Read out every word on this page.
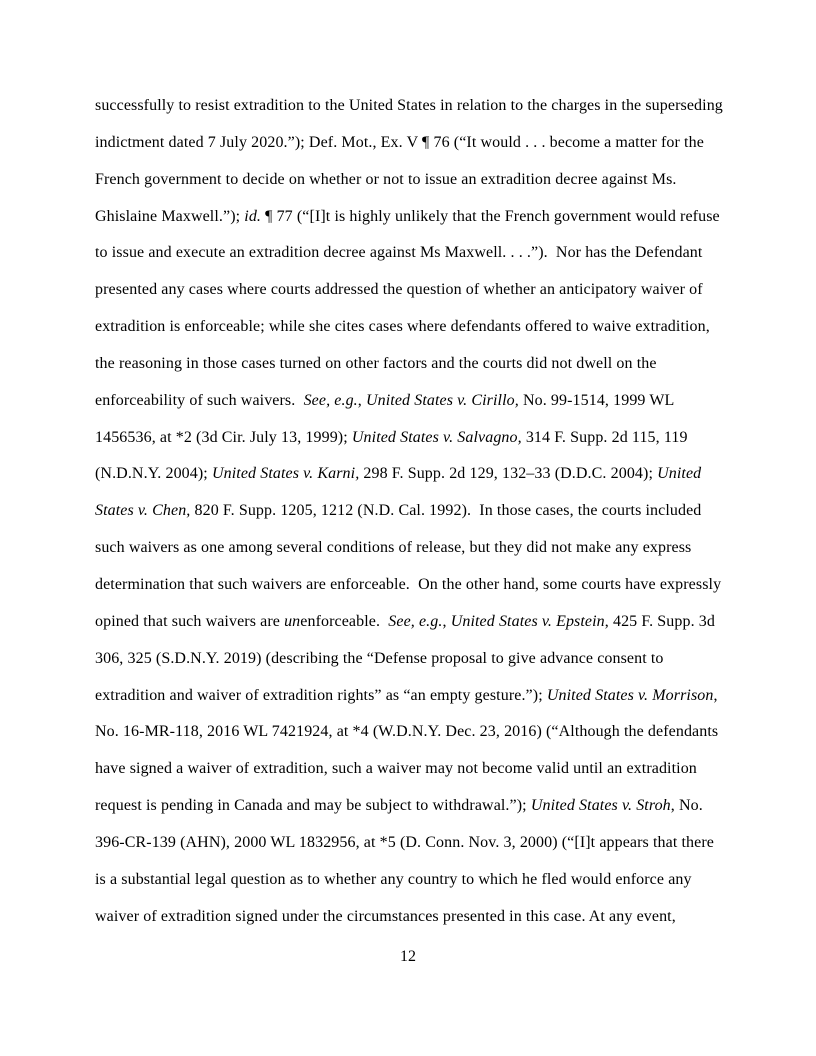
successfully to resist extradition to the United States in relation to the charges in the superseding
indictment dated 7 July 2020.”); Def. Mot., Ex. V ¶ 76 (“It would . . . become a matter for the
French government to decide on whether or not to issue an extradition decree against Ms.
Ghislaine Maxwell.”); id. ¶ 77 (“[I]t is highly unlikely that the French government would refuse
to issue and execute an extradition decree against Ms Maxwell. . . .”).  Nor has the Defendant
presented any cases where courts addressed the question of whether an anticipatory waiver of
extradition is enforceable; while she cites cases where defendants offered to waive extradition,
the reasoning in those cases turned on other factors and the courts did not dwell on the
enforceability of such waivers.  See, e.g., United States v. Cirillo, No. 99-1514, 1999 WL
1456536, at *2 (3d Cir. July 13, 1999); United States v. Salvagno, 314 F. Supp. 2d 115, 119
(N.D.N.Y. 2004); United States v. Karni, 298 F. Supp. 2d 129, 132–33 (D.D.C. 2004); United
States v. Chen, 820 F. Supp. 1205, 1212 (N.D. Cal. 1992).  In those cases, the courts included
such waivers as one among several conditions of release, but they did not make any express
determination that such waivers are enforceable.  On the other hand, some courts have expressly
opined that such waivers are unenforceable.  See, e.g., United States v. Epstein, 425 F. Supp. 3d
306, 325 (S.D.N.Y. 2019) (describing the “Defense proposal to give advance consent to
extradition and waiver of extradition rights” as “an empty gesture.”); United States v. Morrison,
No. 16-MR-118, 2016 WL 7421924, at *4 (W.D.N.Y. Dec. 23, 2016) (“Although the defendants
have signed a waiver of extradition, such a waiver may not become valid until an extradition
request is pending in Canada and may be subject to withdrawal.”); United States v. Stroh, No.
396-CR-139 (AHN), 2000 WL 1832956, at *5 (D. Conn. Nov. 3, 2000) (“[I]t appears that there
is a substantial legal question as to whether any country to which he fled would enforce any
waiver of extradition signed under the circumstances presented in this case. At any event,
12
